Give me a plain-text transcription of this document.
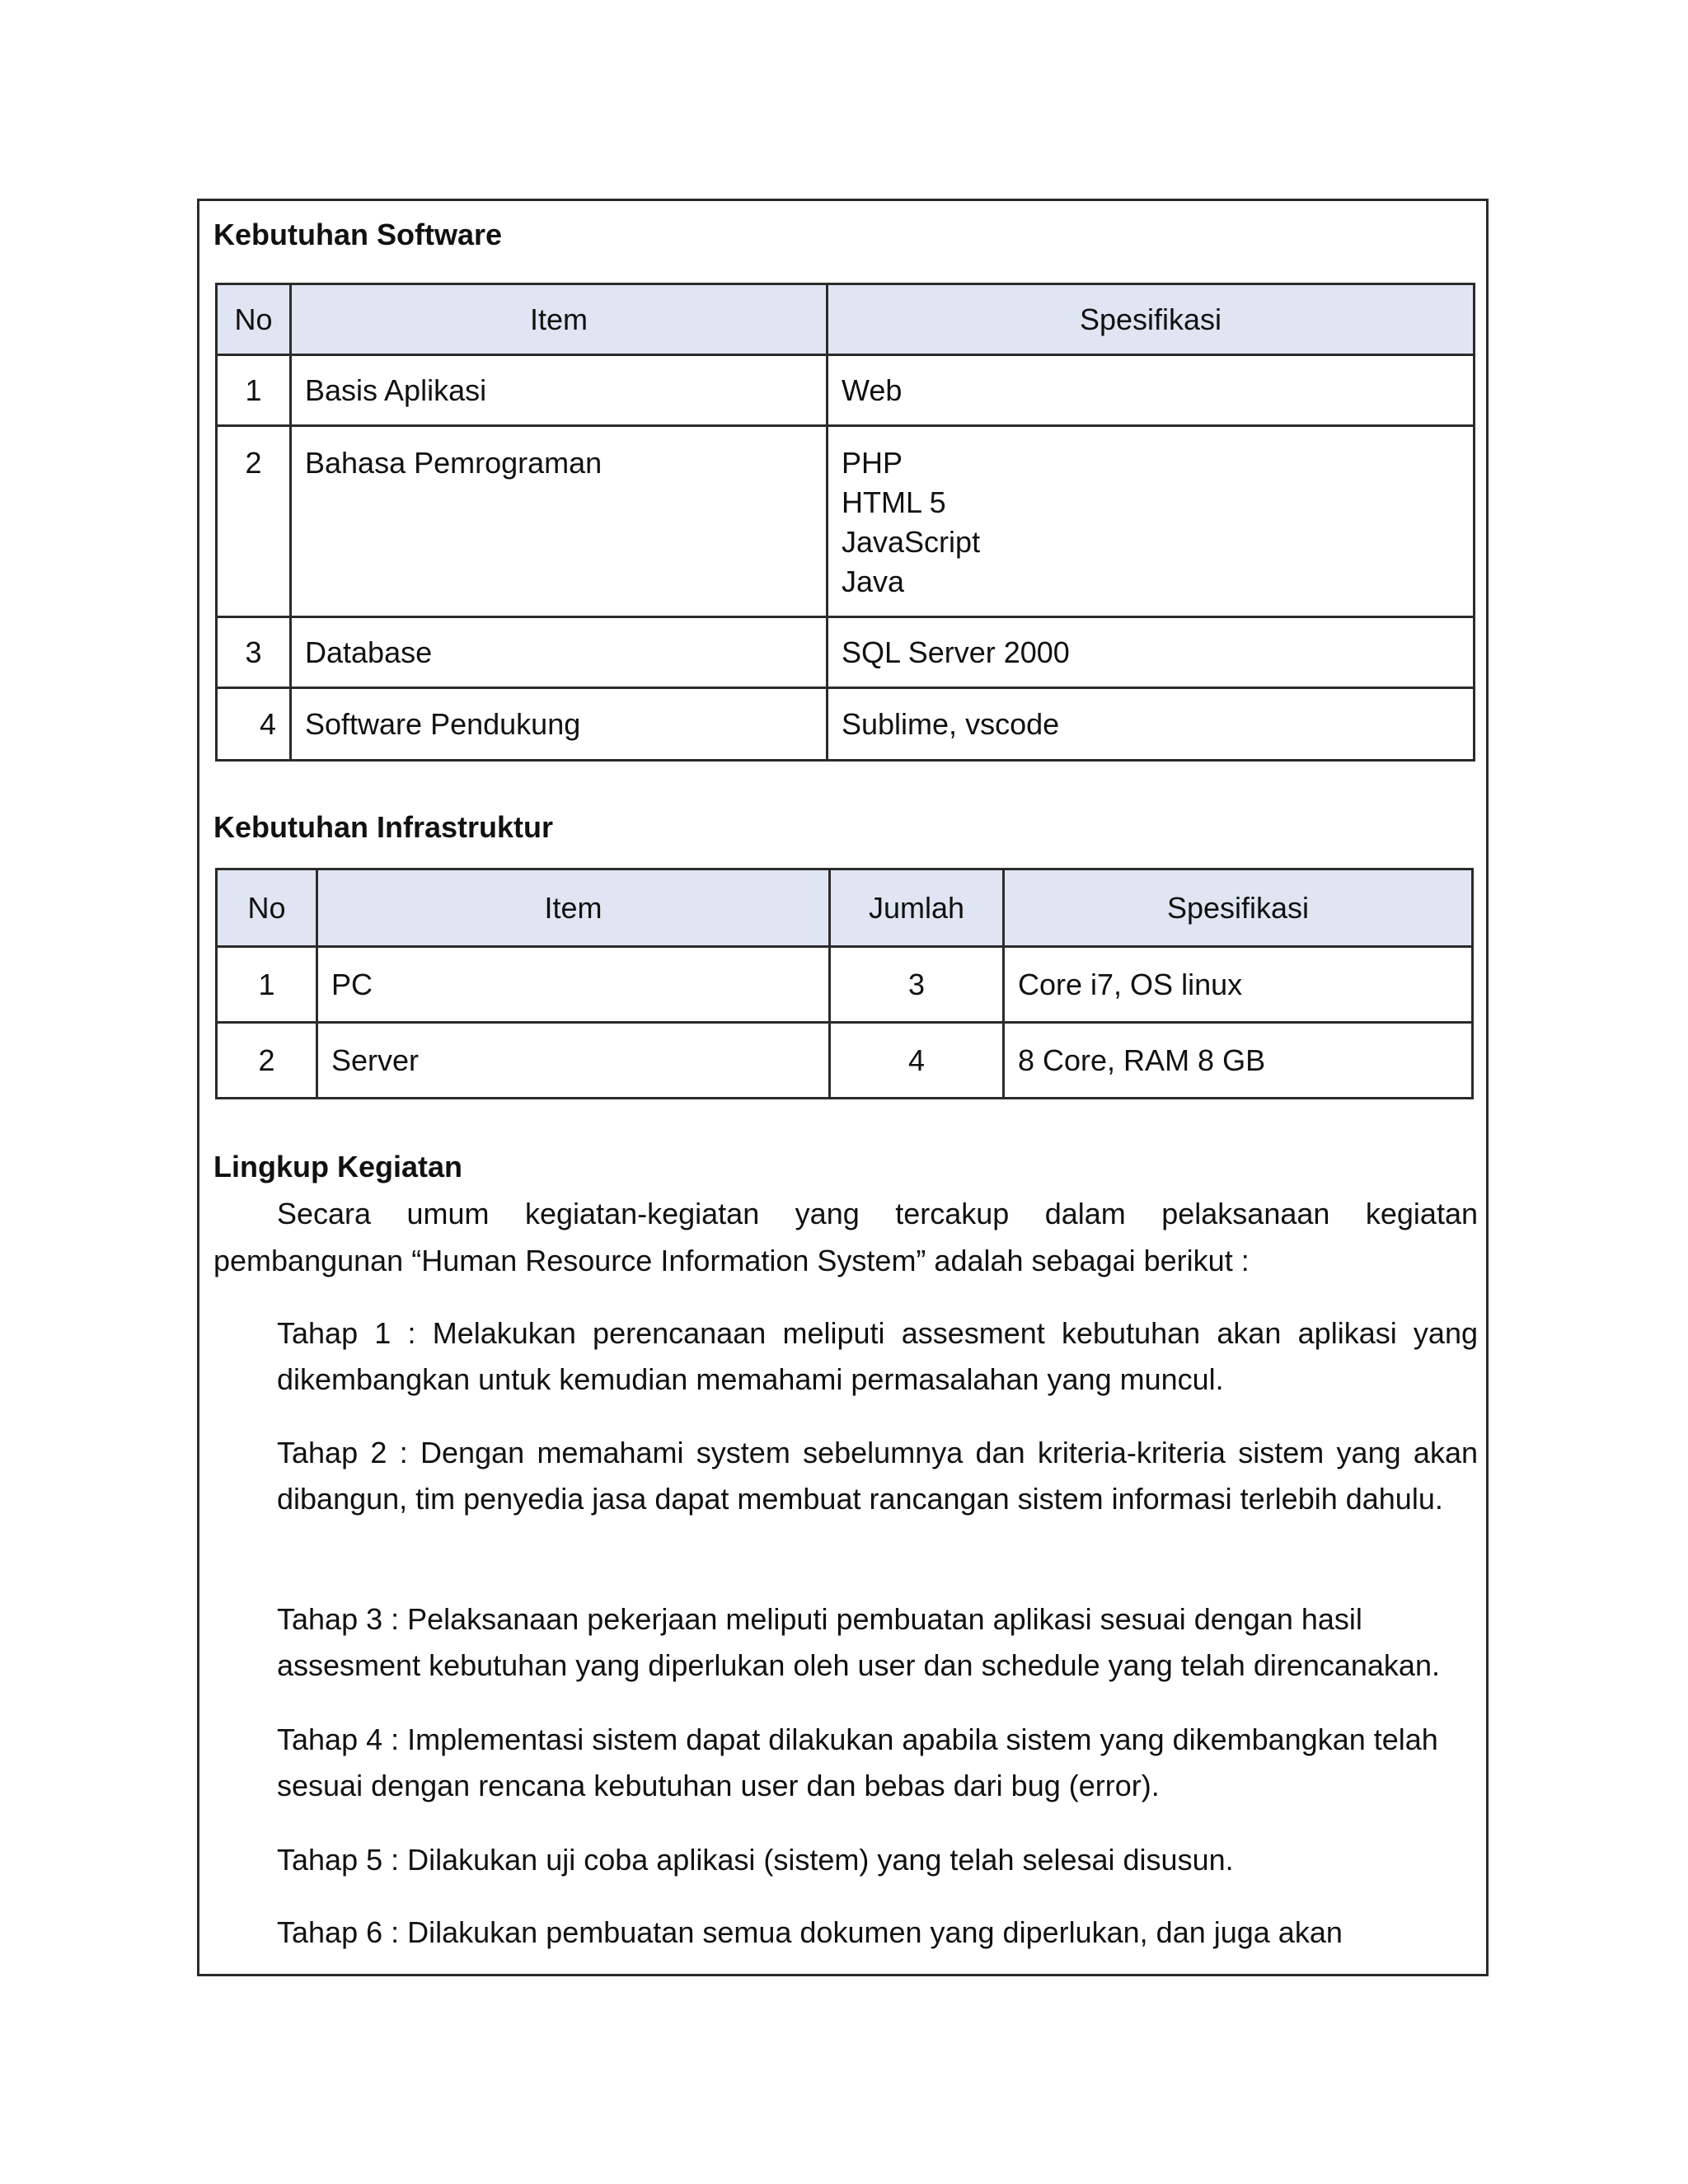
Kebutuhan Software
No	Item	Spesifikasi
1	Basis Aplikasi	Web
2	Bahasa Pemrograman	PHP
HTML 5
JavaScript
Java

3	Database	SQL Server 2000
4	Software Pendukung	Sublime, vscode
Kebutuhan Infrastruktur
No	Item	Jumlah	Spesifikasi
1	PC	3	Core i7, OS linux
2	Server	4	8 Core, RAM 8 GB
Lingkup Kegiatan
Secara umum kegiatan-kegiatan yang tercakup dalam pelaksanaan kegiatan
pembangunan “Human Resource Information System” adalah sebagai berikut :
Tahap 1 : Melakukan perencanaan meliputi assesment kebutuhan akan aplikasi yang dikembangkan untuk kemudian memahami permasalahan yang muncul.
Tahap 2 : Dengan memahami system sebelumnya dan kriteria-kriteria sistem yang akan dibangun, tim penyedia jasa dapat membuat rancangan sistem informasi terlebih dahulu.
Tahap 3 : Pelaksanaan pekerjaan meliputi pembuatan aplikasi sesuai dengan hasil assesment kebutuhan yang diperlukan oleh user dan schedule yang telah direncanakan.
Tahap 4 : Implementasi sistem dapat dilakukan apabila sistem yang dikembangkan telah sesuai dengan rencana kebutuhan user dan bebas dari bug (error).
Tahap 5 : Dilakukan uji coba aplikasi (sistem) yang telah selesai disusun.
Tahap 6 : Dilakukan pembuatan semua dokumen yang diperlukan, dan juga akan
